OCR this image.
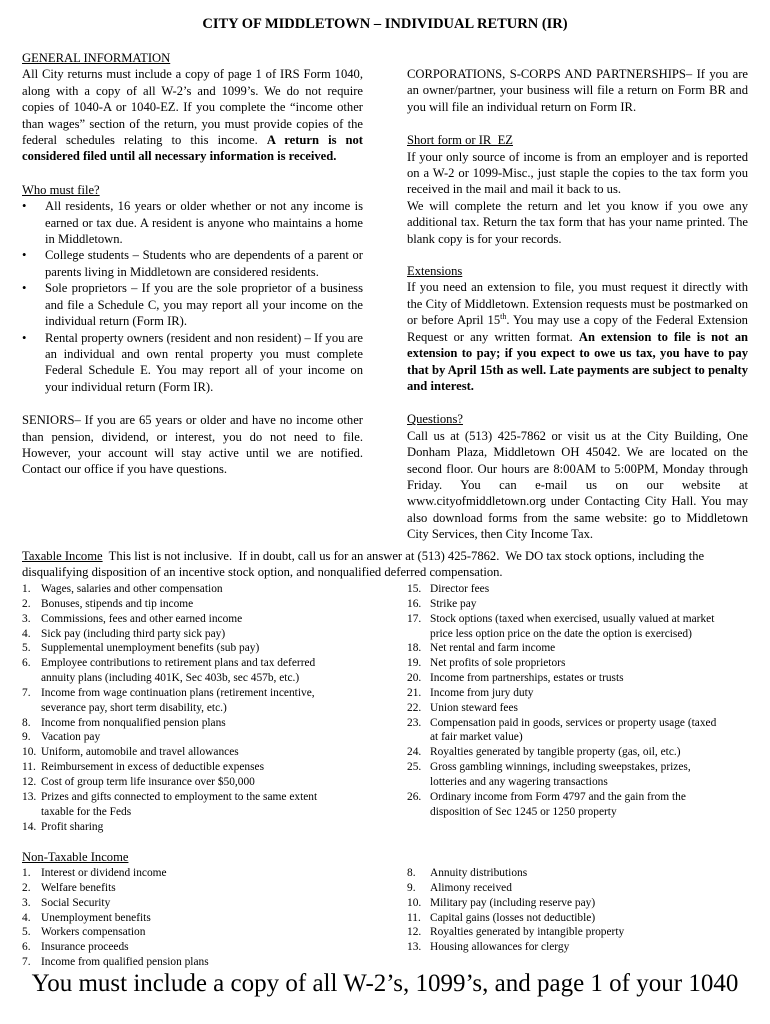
CITY OF MIDDLETOWN – INDIVIDUAL RETURN (IR)
GENERAL INFORMATION
All City returns must include a copy of page 1 of IRS Form 1040, along with a copy of all W-2’s and 1099’s. We do not require copies of 1040-A or 1040-EZ. If you complete the “income other than wages” section of the return, you must provide copies of the federal schedules relating to this income. A return is not considered filed until all necessary information is received.
Who must file?
• All residents, 16 years or older whether or not any income is earned or tax due. A resident is anyone who maintains a home in Middletown.
• College students – Students who are dependents of a parent or parents living in Middletown are considered residents.
• Sole proprietors – If you are the sole proprietor of a business and file a Schedule C, you may report all your income on the individual return (Form IR).
• Rental property owners (resident and non resident) – If you are an individual and own rental property you must complete Federal Schedule E. You may report all of your income on your individual return (Form IR).
SENIORS– If you are 65 years or older and have no income other than pension, dividend, or interest, you do not need to file. However, your account will stay active until we are notified. Contact our office if you have questions.
CORPORATIONS, S-CORPS AND PARTNERSHIPS– If you are an owner/partner, your business will file a return on Form BR and you will file an individual return on Form IR.
Short form or IR_EZ
If your only source of income is from an employer and is reported on a W-2 or 1099-Misc., just staple the copies to the tax form you received in the mail and mail it back to us.
We will complete the return and let you know if you owe any additional tax. Return the tax form that has your name printed. The blank copy is for your records.
Extensions
If you need an extension to file, you must request it directly with the City of Middletown. Extension requests must be postmarked on or before April 15th. You may use a copy of the Federal Extension Request or any written format. An extension to file is not an extension to pay; if you expect to owe us tax, you have to pay that by April 15th as well. Late payments are subject to penalty and interest.
Questions?
Call us at (513) 425-7862 or visit us at the City Building, One Donham Plaza, Middletown OH 45042. We are located on the second floor. Our hours are 8:00AM to 5:00PM, Monday through Friday. You can e-mail us on our website at www.cityofmiddletown.org under Contacting City Hall. You may also download forms from the same website: go to Middletown City Services, then City Income Tax.
Taxable Income  This list is not inclusive.  If in doubt, call us for an answer at (513) 425-7862.  We DO tax stock options, including the disqualifying disposition of an incentive stock option, and nonqualified deferred compensation.
1. Wages, salaries and other compensation
2. Bonuses, stipends and tip income
3. Commissions, fees and other earned income
4. Sick pay (including third party sick pay)
5. Supplemental unemployment benefits (sub pay)
6. Employee contributions to retirement plans and tax deferred
annuity plans (including 401K, Sec 403b, sec 457b, etc.)
7. Income from wage continuation plans (retirement incentive,
severance pay, short term disability, etc.)
8. Income from nonqualified pension plans
9. Vacation pay
10. Uniform, automobile and travel allowances
11. Reimbursement in excess of deductible expenses
12. Cost of group term life insurance over $50,000
13. Prizes and gifts connected to employment to the same extent
taxable for the Feds
14. Profit sharing
15. Director fees
16. Strike pay
17. Stock options (taxed when exercised, usually valued at market
price less option price on the date the option is exercised)
18. Net rental and farm income
19. Net profits of sole proprietors
20. Income from partnerships, estates or trusts
21. Income from jury duty
22. Union steward fees
23. Compensation paid in goods, services or property usage (taxed
at fair market value)
24. Royalties generated by tangible property (gas, oil, etc.)
25. Gross gambling winnings, including sweepstakes, prizes,
lotteries and any wagering transactions
26. Ordinary income from Form 4797 and the gain from the
disposition of Sec 1245 or 1250 property
Non-Taxable Income
1. Interest or dividend income
2. Welfare benefits
3. Social Security
4. Unemployment benefits
5. Workers compensation
6. Insurance proceeds
7. Income from qualified pension plans
8. Annuity distributions
9. Alimony received
10. Military pay (including reserve pay)
11. Capital gains (losses not deductible)
12. Royalties generated by intangible property
13. Housing allowances for clergy
You must include a copy of all W-2’s, 1099’s, and page 1 of your 1040
